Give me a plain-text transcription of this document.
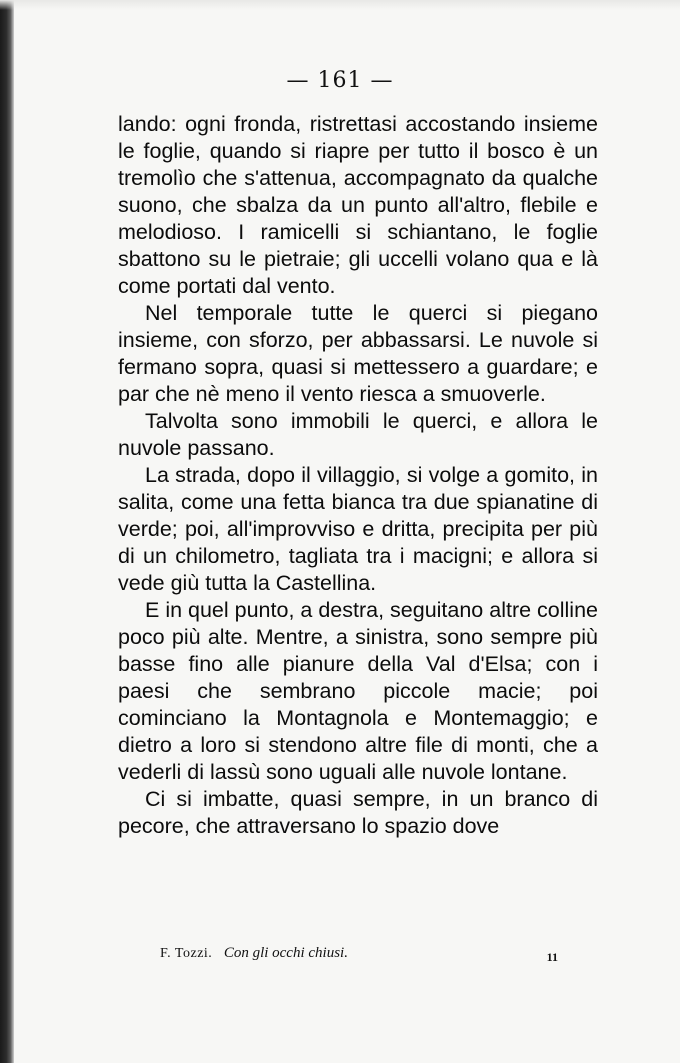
— 161 —

lando: ogni fronda, ristrettasi accostando insieme le foglie, quando si riapre per tutto il bosco è un tremolìo che s'attenua, accompagnato da qualche suono, che sbalza da un punto all'altro, flebile e melodioso. I ramicelli si schiantano, le foglie sbattono su le pietraie; gli uccelli volano qua e là come portati dal vento.

Nel temporale tutte le querci si piegano insieme, con sforzo, per abbassarsi. Le nuvole si fermano sopra, quasi si mettessero a guardare; e par che nè meno il vento riesca a smuoverle.

Talvolta sono immobili le querci, e allora le nuvole passano.

La strada, dopo il villaggio, si volge a gomito, in salita, come una fetta bianca tra due spianatine di verde; poi, all'improvviso e dritta, precipita per più di un chilometro, tagliata tra i macigni; e allora si vede giù tutta la Castellina.

E in quel punto, a destra, seguitano altre colline poco più alte. Mentre, a sinistra, sono sempre più basse fino alle pianure della Val d'Elsa; con i paesi che sembrano piccole macie; poi cominciano la Montagnola e Montemaggio; e dietro a loro si stendono altre file di monti, che a vederli di lassù sono uguali alle nuvole lontane.

Ci si imbatte, quasi sempre, in un branco di pecore, che attraversano lo spazio dove

F. Tozzi. Con gli occhi chiusi.	11
